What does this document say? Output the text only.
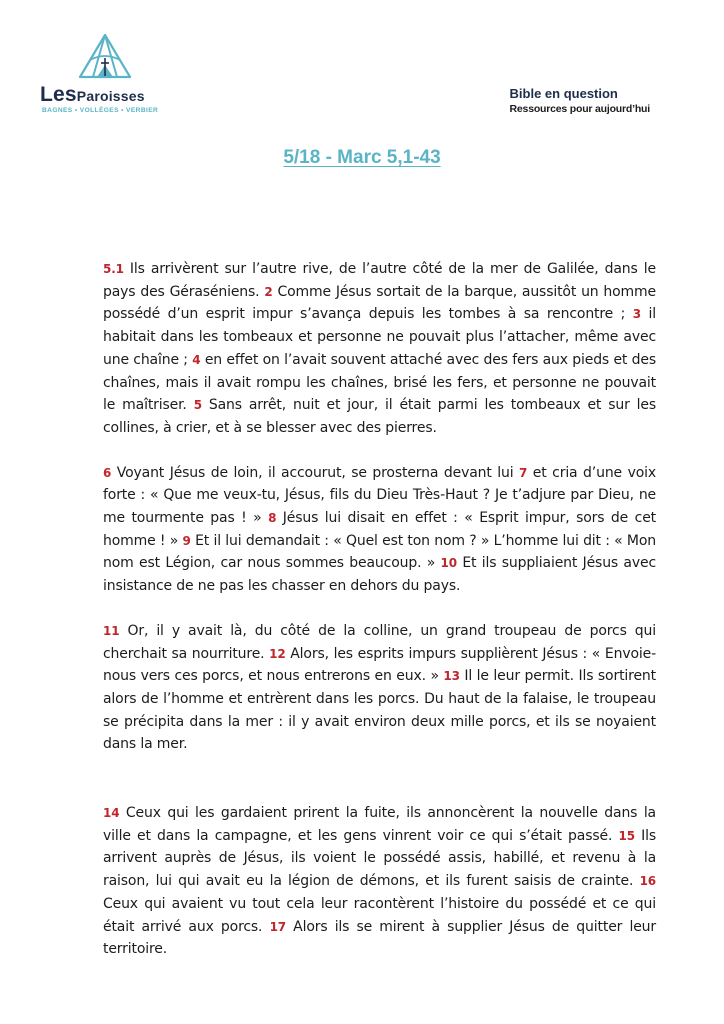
LesParoisses
BAGNES • VOLLÈGES • VERBIER
Bible en question
Ressources pour aujourd’hui
5/18 - Marc 5,1-43

5.1 Ils arrivèrent sur l’autre rive, de l’autre côté de la mer de Galilée, dans le pays des Géraséniens. 2 Comme Jésus sortait de la barque, aussitôt un homme possédé d’un esprit impur s’avança depuis les tombes à sa rencontre ; 3 il habitait dans les tombeaux et personne ne pouvait plus l’attacher, même avec une chaîne ; 4 en effet on l’avait souvent attaché avec des fers aux pieds et des chaînes, mais il avait rompu les chaînes, brisé les fers, et personne ne pouvait le maîtriser. 5 Sans arrêt, nuit et jour, il était parmi les tombeaux et sur les collines, à crier, et à se blesser avec des pierres.

6 Voyant Jésus de loin, il accourut, se prosterna devant lui 7 et cria d’une voix forte : « Que me veux-tu, Jésus, fils du Dieu Très-Haut ? Je t’adjure par Dieu, ne me tourmente pas ! » 8 Jésus lui disait en effet : « Esprit impur, sors de cet homme ! » 9 Et il lui demandait : « Quel est ton nom ? » L’homme lui dit : « Mon nom est Légion, car nous sommes beaucoup. » 10 Et ils suppliaient Jésus avec insistance de ne pas les chasser en dehors du pays.

11 Or, il y avait là, du côté de la colline, un grand troupeau de porcs qui cherchait sa nourriture. 12 Alors, les esprits impurs supplièrent Jésus : « Envoie-nous vers ces porcs, et nous entrerons en eux. » 13 Il le leur permit. Ils sortirent alors de l’homme et entrèrent dans les porcs. Du haut de la falaise, le troupeau se précipita dans la mer : il y avait environ deux mille porcs, et ils se noyaient dans la mer.

14 Ceux qui les gardaient prirent la fuite, ils annoncèrent la nouvelle dans la ville et dans la campagne, et les gens vinrent voir ce qui s’était passé. 15 Ils arrivent auprès de Jésus, ils voient le possédé assis, habillé, et revenu à la raison, lui qui avait eu la légion de démons, et ils furent saisis de crainte. 16 Ceux qui avaient vu tout cela leur racontèrent l’histoire du possédé et ce qui était arrivé aux porcs. 17 Alors ils se mirent à supplier Jésus de quitter leur territoire.
